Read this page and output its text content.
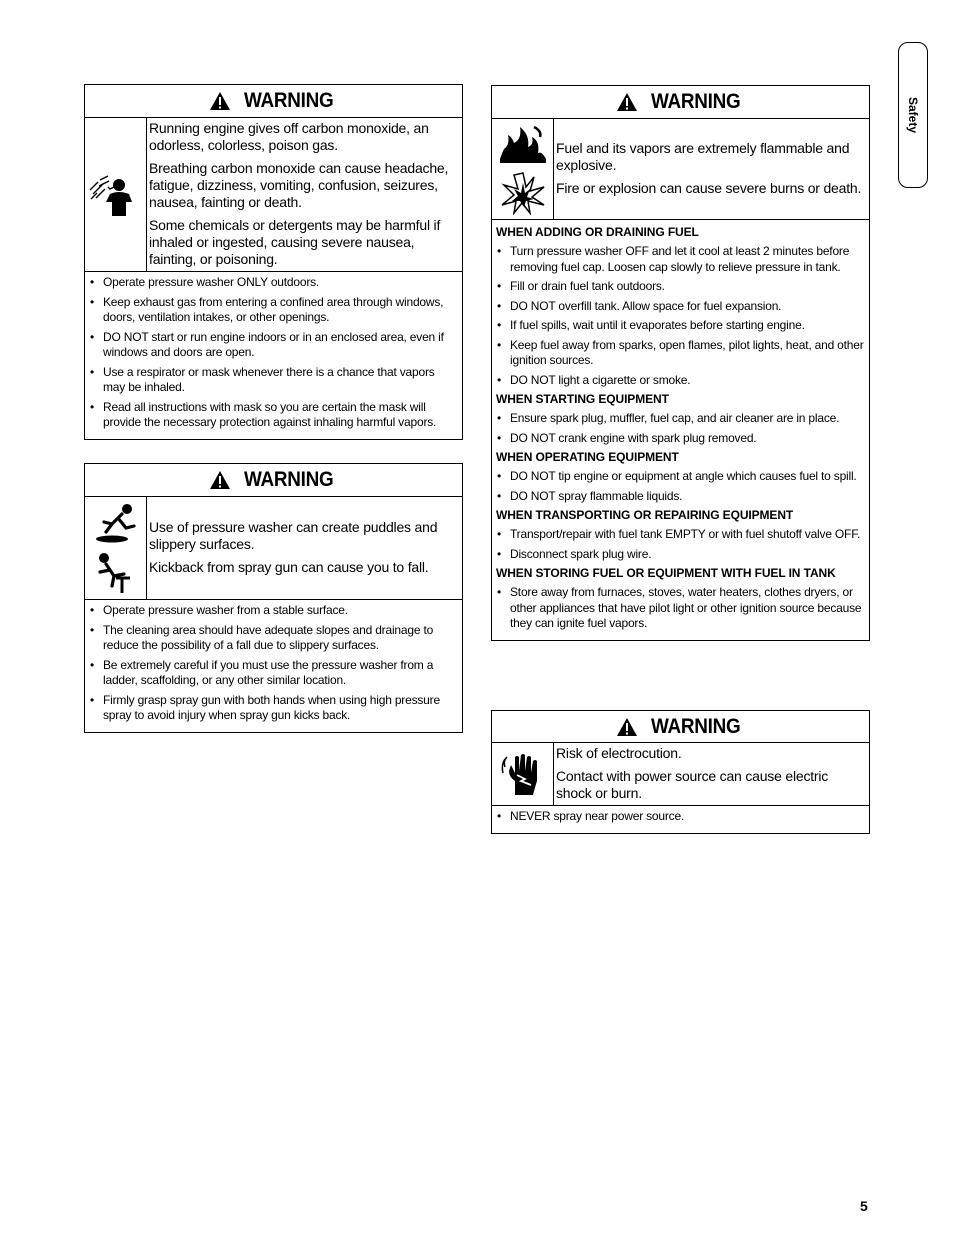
Safety
WARNING

Running engine gives off carbon monoxide, an odorless, colorless, poison gas.

Breathing carbon monoxide can cause headache, fatigue, dizziness, vomiting, confusion, seizures, nausea, fainting or death.

Some chemicals or detergents may be harmful if inhaled or ingested, causing severe nausea, fainting, or poisoning.

• Operate pressure washer ONLY outdoors.
• Keep exhaust gas from entering a confined area through windows, doors, ventilation intakes, or other openings.
• DO NOT start or run engine indoors or in an enclosed area, even if windows and doors are open.
• Use a respirator or mask whenever there is a chance that vapors may be inhaled.
• Read all instructions with mask so you are certain the mask will provide the necessary protection against inhaling harmful vapors.
WARNING

Use of pressure washer can create puddles and slippery surfaces.

Kickback from spray gun can cause you to fall.

• Operate pressure washer from a stable surface.
• The cleaning area should have adequate slopes and drainage to reduce the possibility of a fall due to slippery surfaces.
• Be extremely careful if you must use the pressure washer from a ladder, scaffolding, or any other similar location.
• Firmly grasp spray gun with both hands when using high pressure spray to avoid injury when spray gun kicks back.
WARNING

Fuel and its vapors are extremely flammable and explosive.

Fire or explosion can cause severe burns or death.

WHEN ADDING OR DRAINING FUEL
• Turn pressure washer OFF and let it cool at least 2 minutes before removing fuel cap. Loosen cap slowly to relieve pressure in tank.
• Fill or drain fuel tank outdoors.
• DO NOT overfill tank. Allow space for fuel expansion.
• If fuel spills, wait until it evaporates before starting engine.
• Keep fuel away from sparks, open flames, pilot lights, heat, and other ignition sources.
• DO NOT light a cigarette or smoke.
WHEN STARTING EQUIPMENT
• Ensure spark plug, muffler, fuel cap, and air cleaner are in place.
• DO NOT crank engine with spark plug removed.
WHEN OPERATING EQUIPMENT
• DO NOT tip engine or equipment at angle which causes fuel to spill.
• DO NOT spray flammable liquids.
WHEN TRANSPORTING OR REPAIRING EQUIPMENT
• Transport/repair with fuel tank EMPTY or with fuel shutoff valve OFF.
• Disconnect spark plug wire.
WHEN STORING FUEL OR EQUIPMENT WITH FUEL IN TANK
• Store away from furnaces, stoves, water heaters, clothes dryers, or other appliances that have pilot light or other ignition source because they can ignite fuel vapors.
WARNING

Risk of electrocution.

Contact with power source can cause electric shock or burn.

• NEVER spray near power source.
5
